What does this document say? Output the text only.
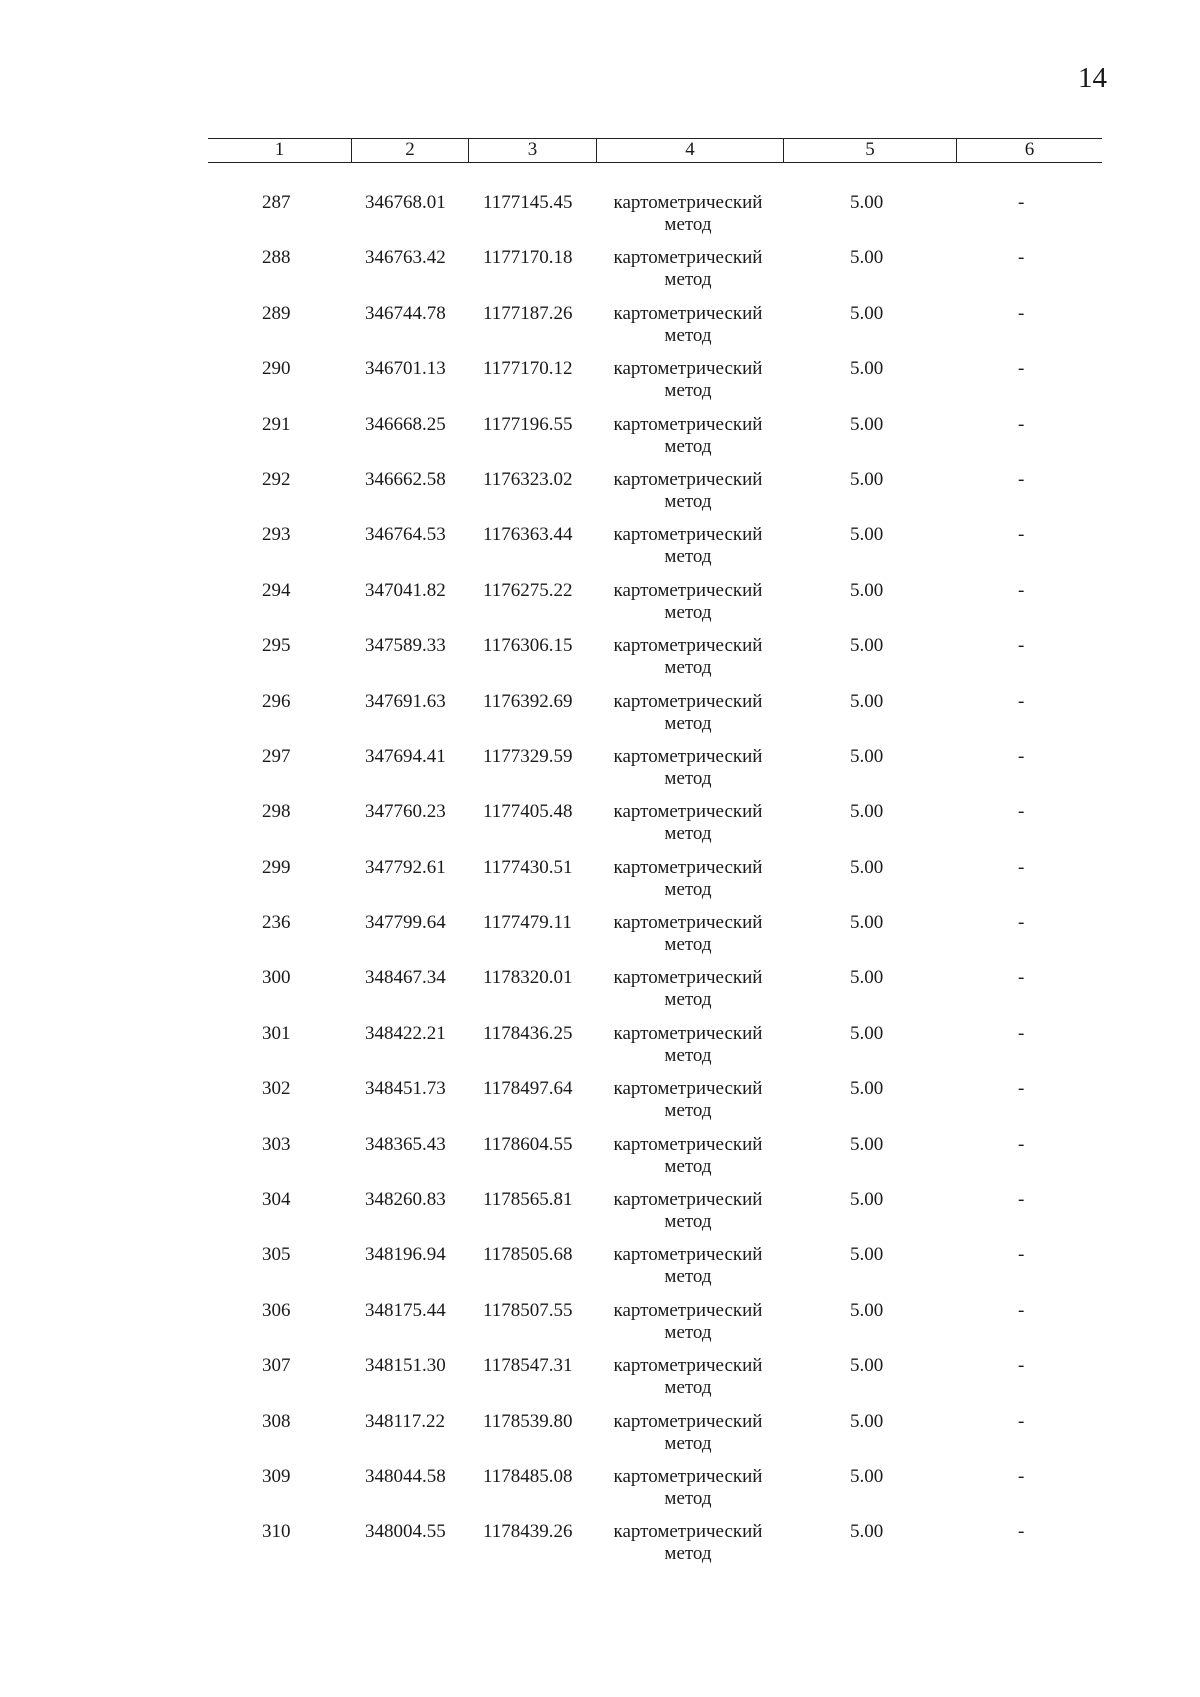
14
1	2	3	4	5	6
287	346768.01 1177145.45	картометрический
метод
5.00	-
288	346763.42 1177170.18	картометрический
метод
5.00	-
289	346744.78 1177187.26	картометрический
метод
5.00	-
290	346701.13 1177170.12	картометрический
метод
5.00	-
291	346668.25 1177196.55	картометрический
метод
5.00	-
292	346662.58 1176323.02	картометрический
метод
5.00	-
293	346764.53 1176363.44	картометрический
метод
5.00	-
294	347041.82 1176275.22	картометрический
метод
5.00	-
295	347589.33 1176306.15	картометрический
метод
5.00	-
296	347691.63 1176392.69	картометрический
метод
5.00	-
297	347694.41 1177329.59	картометрический
метод
5.00	-
298	347760.23 1177405.48	картометрический
метод
5.00	-
299	347792.61 1177430.51	картометрический
метод
5.00	-
236	347799.64 1177479.11	картометрический
метод
5.00	-
300	348467.34 1178320.01	картометрический
метод
5.00	-
301	348422.21 1178436.25	картометрический
метод
5.00	-
302	348451.73 1178497.64	картометрический
метод
5.00	-
303	348365.43 1178604.55	картометрический
метод
5.00	-
304	348260.83 1178565.81	картометрический
метод
5.00	-
305	348196.94 1178505.68	картометрический
метод
5.00	-
306	348175.44 1178507.55	картометрический
метод
5.00	-
307	348151.30 1178547.31	картометрический
метод
5.00	-
308	348117.22 1178539.80	картометрический
метод
5.00	-
309	348044.58 1178485.08	картометрический
метод
5.00	-
310	348004.55 1178439.26	картометрический
метод
5.00	-
